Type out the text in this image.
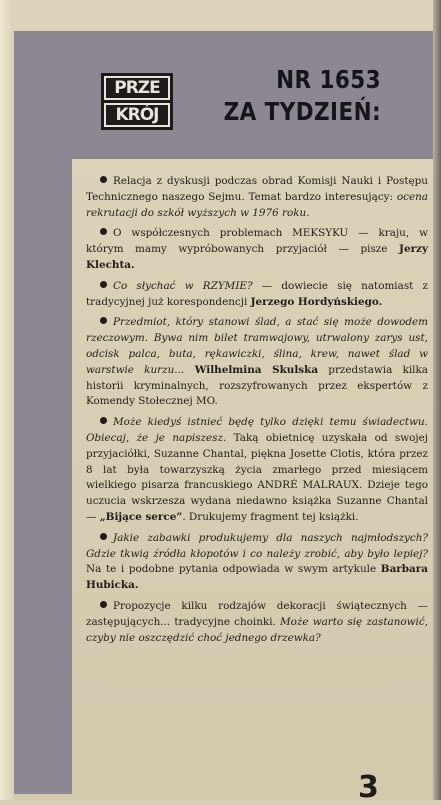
PRZE
KRÓJ
NR 1653
ZA TYDZIEŃ:

Relacja z dyskusji podczas obrad Komisji Nauki i Postępu Technicznego naszego Sejmu. Temat bardzo interesujący: ocena rekrutacji do szkół wyższych w 1976 roku.

O współczesnych problemach MEKSYKU — kraju, w którym mamy wypróbowanych przyjaciół — pisze Jerzy Klechta.

Co słychać w RZYMIE? — dowiecie się natomiast z tradycyjnej już korespondencji Jerzego Hordyńskiego.

Przedmiot, który stanowi ślad, a stać się może dowodem rzeczowym. Bywa nim bilet tramwajowy, utrwalony zarys ust, odcisk palca, buta, rękawiczki, ślina, krew, nawet ślad w warstwie kurzu... Wilhelmina Skulska przedstawia kilka historii kryminalnych, rozszyfrowanych przez ekspertów z Komendy Stołecznej MO.

Może kiedyś istnieć będę tylko dzięki temu świadectwu. Obiecaj, że je napiszesz. Taką obietnicę uzyskała od swojej przyjaciółki, Suzanne Chantal, piękna Josette Clotis, która przez 8 lat była towarzyszką życia zmarłego przed miesiącem wielkiego pisarza francuskiego ANDRÉ MALRAUX. Dzieje tego uczucia wskrzesza wydana niedawno książka Suzanne Chantal — „Bijące serce”. Drukujemy fragment tej książki.

Jakie zabawki produkujemy dla naszych najmłodszych? Gdzie tkwią źródła kłopotów i co należy zrobić, aby było lepiej? Na te i podobne pytania odpowiada w swym artykule Barbara Hubicka.

Propozycje kilku rodzajów dekoracji świątecznych — zastępujących... tradycyjne choinki. Może warto się zastanowić, czyby nie oszczędzić choć jednego drzewka?

3
